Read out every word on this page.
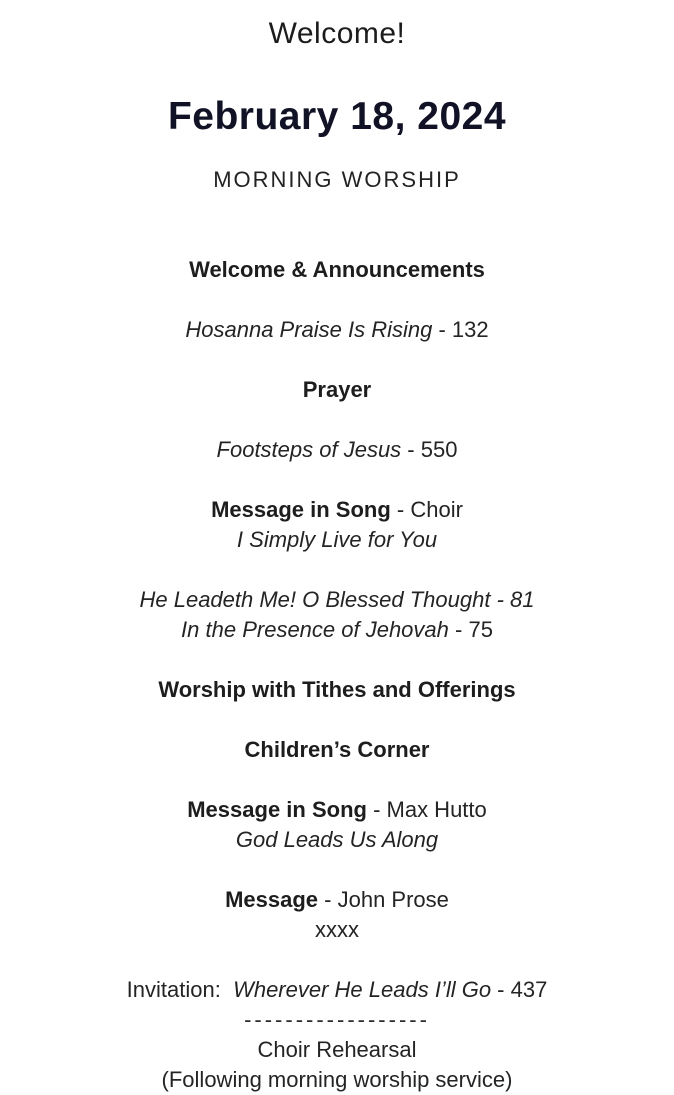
Welcome!
February 18, 2024
MORNING WORSHIP

Welcome & Announcements

Hosanna Praise Is Rising - 132

Prayer

Footsteps of Jesus - 550

Message in Song - Choir

I Simply Live for You

He Leadeth Me! O Blessed Thought - 81

In the Presence of Jehovah - 75

Worship with Tithes and Offerings

Children’s Corner

Message in Song - Max Hutto

God Leads Us Along

Message - John Prose

xxxx

Invitation:  Wherever He Leads I’ll Go - 437

------------------

Choir Rehearsal

(Following morning worship service)
